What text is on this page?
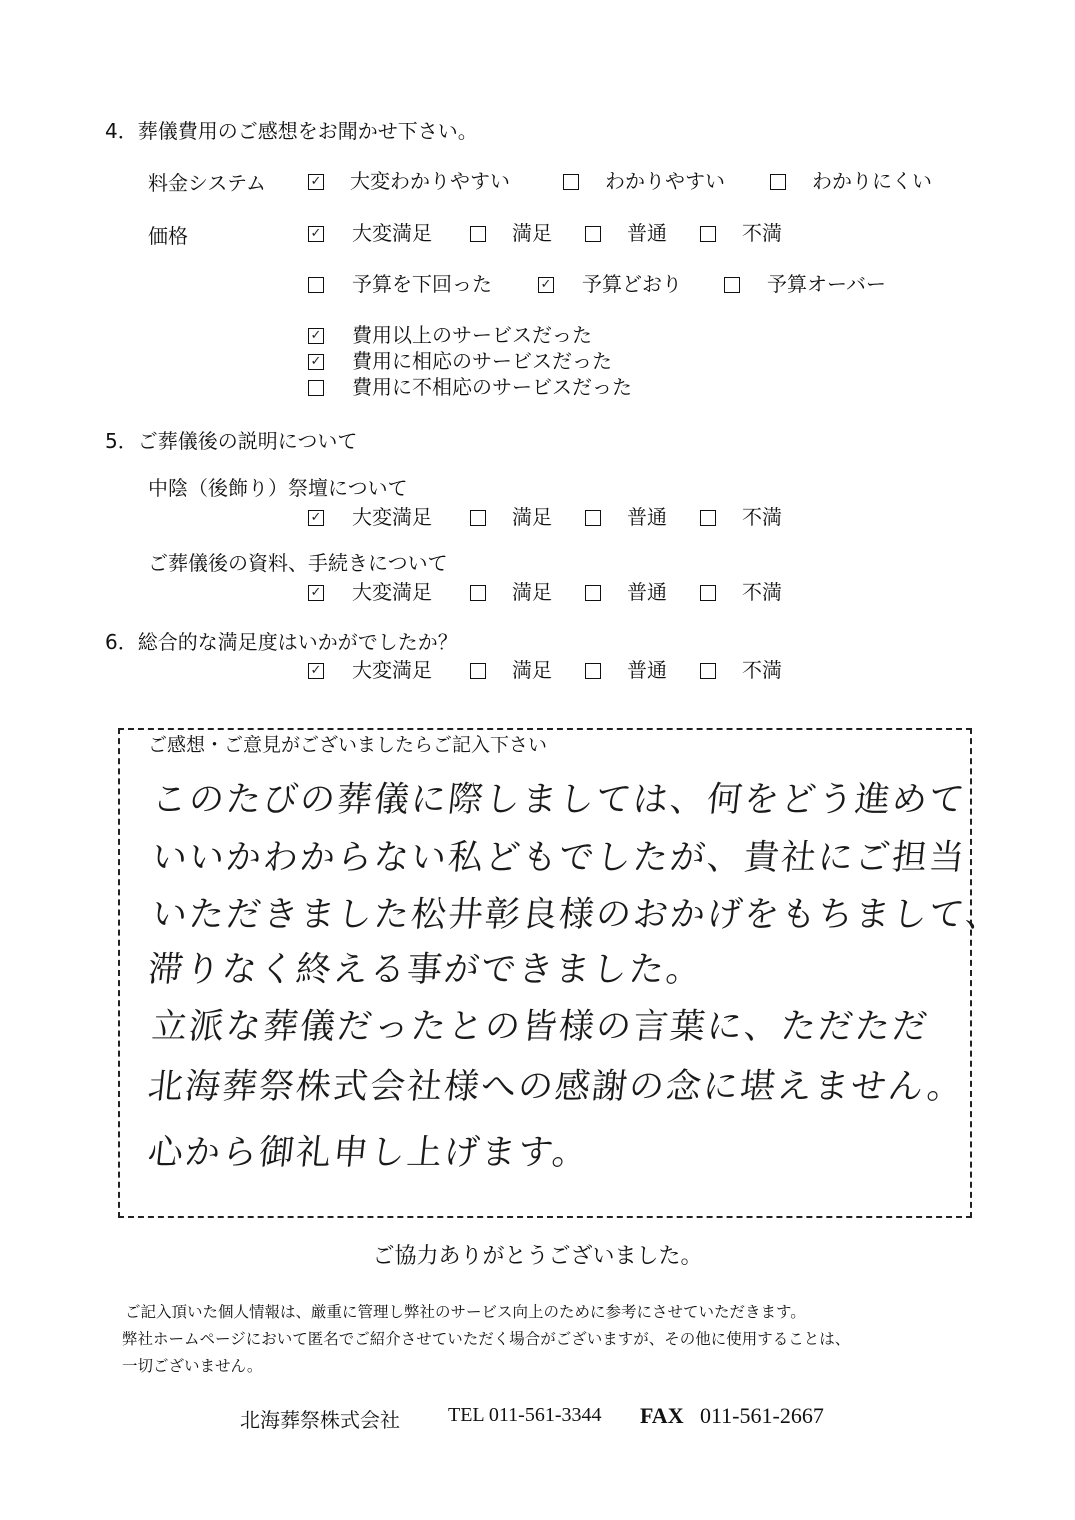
4．葬儀費用のご感想をお聞かせ下さい。
料金システム	✓ 大変わかりやすい	わかりやすい	わかりにくい
価格	✓ 大変満足	満足	普通	不満
予算を下回った	✓ 予算どおり	予算オーバー
✓ 費用以上のサービスだった
✓ 費用に相応のサービスだった
費用に不相応のサービスだった
5．ご葬儀後の説明について
中陰（後飾り）祭壇について
✓ 大変満足	満足	普通	不満
ご葬儀後の資料、手続きについて
✓ 大変満足	満足	普通	不満
6．総合的な満足度はいかがでしたか？
✓ 大変満足	満足	普通	不満
ご感想・ご意見がございましたらご記入下さい
このたびの葬儀に際しましては、何をどう進めて
いいかわからない私どもでしたが、貴社にご担当
いただきました松井彰良様のおかげをもちまして、
滞りなく終える事ができました。
立派な葬儀だったとの皆様の言葉に、ただただ
北海葬祭株式会社様への感謝の念に堪えません。
心から御礼申し上げます。
ご協力ありがとうございました。
ご記入頂いた個人情報は、厳重に管理し弊社のサービス向上のために参考にさせていただきます。
弊社ホームページにおいて匿名でご紹介させていただく場合がございますが、その他に使用することは、
一切ございません。
北海葬祭株式会社 TEL 011-561-3344 FAX 011-561-2667
